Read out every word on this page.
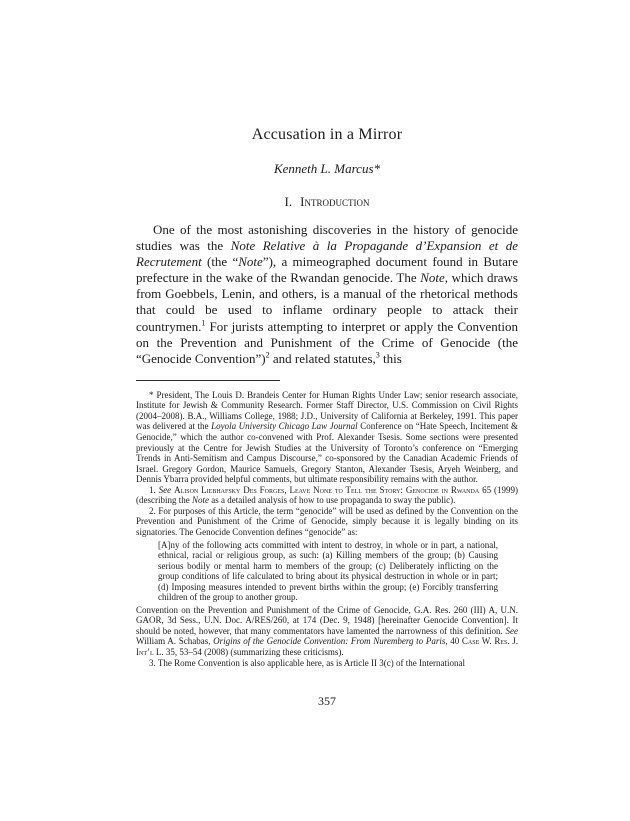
Accusation in a Mirror
Kenneth L. Marcus*
I. Introduction

One of the most astonishing discoveries in the history of genocide studies was the Note Relative à la Propagande d’Expansion et de Recrutement (the “Note”), a mimeographed document found in Butare prefecture in the wake of the Rwandan genocide. The Note, which draws from Goebbels, Lenin, and others, is a manual of the rhetorical methods that could be used to inflame ordinary people to attack their countrymen.$^1$ For jurists attempting to interpret or apply the Convention on the Prevention and Punishment of the Crime of Genocide (the “Genocide Convention”)$^2$ and related statutes,$^3$ this

* President, The Louis D. Brandeis Center for Human Rights Under Law; senior research associate, Institute for Jewish & Community Research. Former Staff Director, U.S. Commission on Civil Rights (2004–2008). B.A., Williams College, 1988; J.D., University of California at Berkeley, 1991. This paper was delivered at the Loyola University Chicago Law Journal Conference on “Hate Speech, Incitement & Genocide,” which the author co-convened with Prof. Alexander Tsesis. Some sections were presented previously at the Centre for Jewish Studies at the University of Toronto’s conference on “Emerging Trends in Anti-Semitism and Campus Discourse,” co-sponsored by the Canadian Academic Friends of Israel. Gregory Gordon, Maurice Samuels, Gregory Stanton, Alexander Tsesis, Aryeh Weinberg, and Dennis Ybarra provided helpful comments, but ultimate responsibility remains with the author.

1. See Alison Liebhafsky Des Forges, Leave None to Tell the Story: Genocide in Rwanda 65 (1999) (describing the Note as a detailed analysis of how to use propaganda to sway the public).

2. For purposes of this Article, the term “genocide” will be used as defined by the Convention on the Prevention and Punishment of the Crime of Genocide, simply because it is legally binding on its signatories. The Genocide Convention defines “genocide” as:

[A]ny of the following acts committed with intent to destroy, in whole or in part, a national, ethnical, racial or religious group, as such: (a) Killing members of the group; (b) Causing serious bodily or mental harm to members of the group; (c) Deliberately inflicting on the group conditions of life calculated to bring about its physical destruction in whole or in part; (d) Imposing measures intended to prevent births within the group; (e) Forcibly transferring children of the group to another group.

Convention on the Prevention and Punishment of the Crime of Genocide, G.A. Res. 260 (III) A, U.N. GAOR, 3d Sess., U.N. Doc. A/RES/260, at 174 (Dec. 9, 1948) [hereinafter Genocide Convention]. It should be noted, however, that many commentators have lamented the narrowness of this definition. See William A. Schabas, Origins of the Genocide Convention: From Nuremberg to Paris, 40 Case W. Res. J. Int’l L. 35, 53–54 (2008) (summarizing these criticisms).

3. The Rome Convention is also applicable here, as is Article II 3(c) of the International

357
